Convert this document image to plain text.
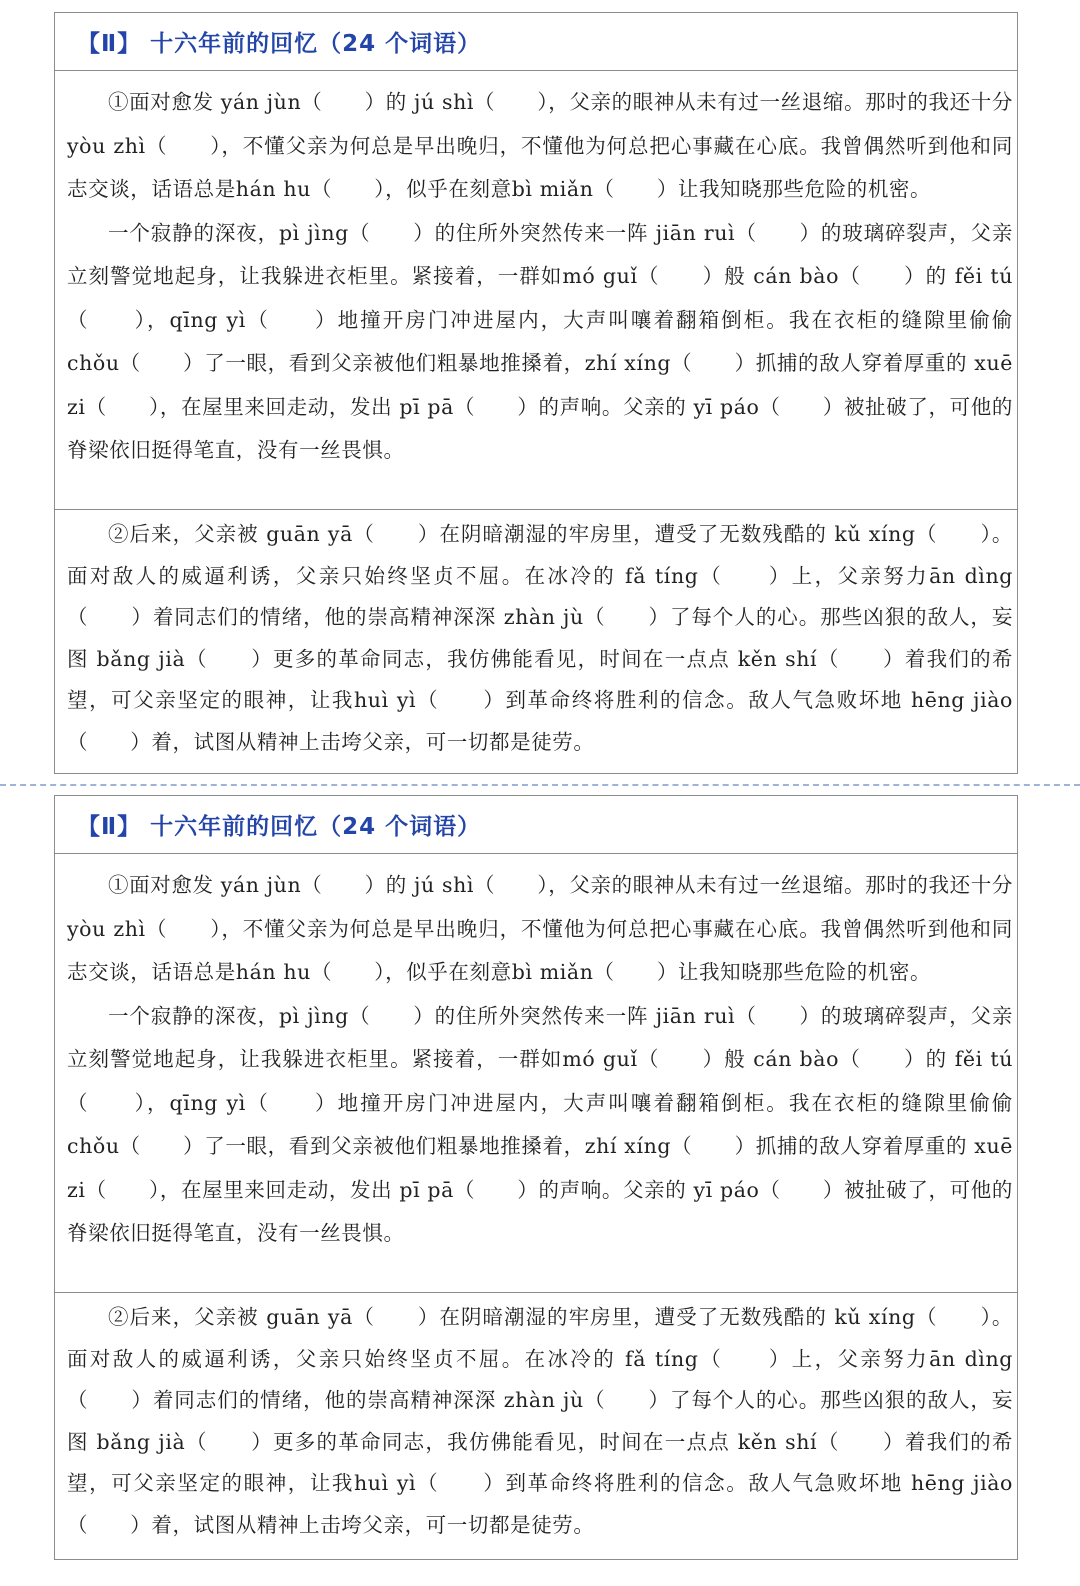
【Ⅱ】 十六年前的回忆（24 个词语）

①面对愈发 yán jùn（　　）的 jú shì（　　），父亲的眼神从未有过一丝退缩。那时的我还十分 yòu zhì（　　），不懂父亲为何总是早出晚归，不懂他为何总把心事藏在心底。我曾偶然听到他和同志交谈，话语总是hán hu（　　），似乎在刻意bì miǎn（　　）让我知晓那些危险的机密。

一个寂静的深夜，pì jìng（　　）的住所外突然传来一阵 jiān ruì（　　）的玻璃碎裂声，父亲立刻警觉地起身，让我躲进衣柜里。紧接着，一群如mó guǐ（　　）般 cán bào（　　）的 fěi tú（　　），qīng yì（　　）地撞开房门冲进屋内，大声叫嚷着翻箱倒柜。我在衣柜的缝隙里偷偷 chǒu（　　）了一眼，看到父亲被他们粗暴地推搡着，zhí xíng（　　）抓捕的敌人穿着厚重的 xuē zi（　　），在屋里来回走动，发出 pī pā（　　）的声响。父亲的 yī páo（　　）被扯破了，可他的脊梁依旧挺得笔直，没有一丝畏惧。

②后来，父亲被 guān yā（　　）在阴暗潮湿的牢房里，遭受了无数残酷的 kǔ xíng（　　）。面对敌人的威逼利诱，父亲只始终坚贞不屈。在冰冷的 fǎ tíng（　　）上，父亲努力ān dìng（　　）着同志们的情绪，他的崇高精神深深 zhàn jù（　　）了每个人的心。那些凶狠的敌人，妄图 bǎng jià（　　）更多的革命同志，我仿佛能看见，时间在一点点 kěn shí（　　）着我们的希望，可父亲坚定的眼神，让我huì yì（　　）到革命终将胜利的信念。敌人气急败坏地 hēng jiào（　　）着，试图从精神上击垮父亲，可一切都是徒劳。

【Ⅱ】 十六年前的回忆（24 个词语）

①面对愈发 yán jùn（　　）的 jú shì（　　），父亲的眼神从未有过一丝退缩。那时的我还十分 yòu zhì（　　），不懂父亲为何总是早出晚归，不懂他为何总把心事藏在心底。我曾偶然听到他和同志交谈，话语总是hán hu（　　），似乎在刻意bì miǎn（　　）让我知晓那些危险的机密。

一个寂静的深夜，pì jìng（　　）的住所外突然传来一阵 jiān ruì（　　）的玻璃碎裂声，父亲立刻警觉地起身，让我躲进衣柜里。紧接着，一群如mó guǐ（　　）般 cán bào（　　）的 fěi tú（　　），qīng yì（　　）地撞开房门冲进屋内，大声叫嚷着翻箱倒柜。我在衣柜的缝隙里偷偷 chǒu（　　）了一眼，看到父亲被他们粗暴地推搡着，zhí xíng（　　）抓捕的敌人穿着厚重的 xuē zi（　　），在屋里来回走动，发出 pī pā（　　）的声响。父亲的 yī páo（　　）被扯破了，可他的脊梁依旧挺得笔直，没有一丝畏惧。

②后来，父亲被 guān yā（　　）在阴暗潮湿的牢房里，遭受了无数残酷的 kǔ xíng（　　）。面对敌人的威逼利诱，父亲只始终坚贞不屈。在冰冷的 fǎ tíng（　　）上，父亲努力ān dìng（　　）着同志们的情绪，他的崇高精神深深 zhàn jù（　　）了每个人的心。那些凶狠的敌人，妄图 bǎng jià（　　）更多的革命同志，我仿佛能看见，时间在一点点 kěn shí（　　）着我们的希望，可父亲坚定的眼神，让我huì yì（　　）到革命终将胜利的信念。敌人气急败坏地 hēng jiào（　　）着，试图从精神上击垮父亲，可一切都是徒劳。
